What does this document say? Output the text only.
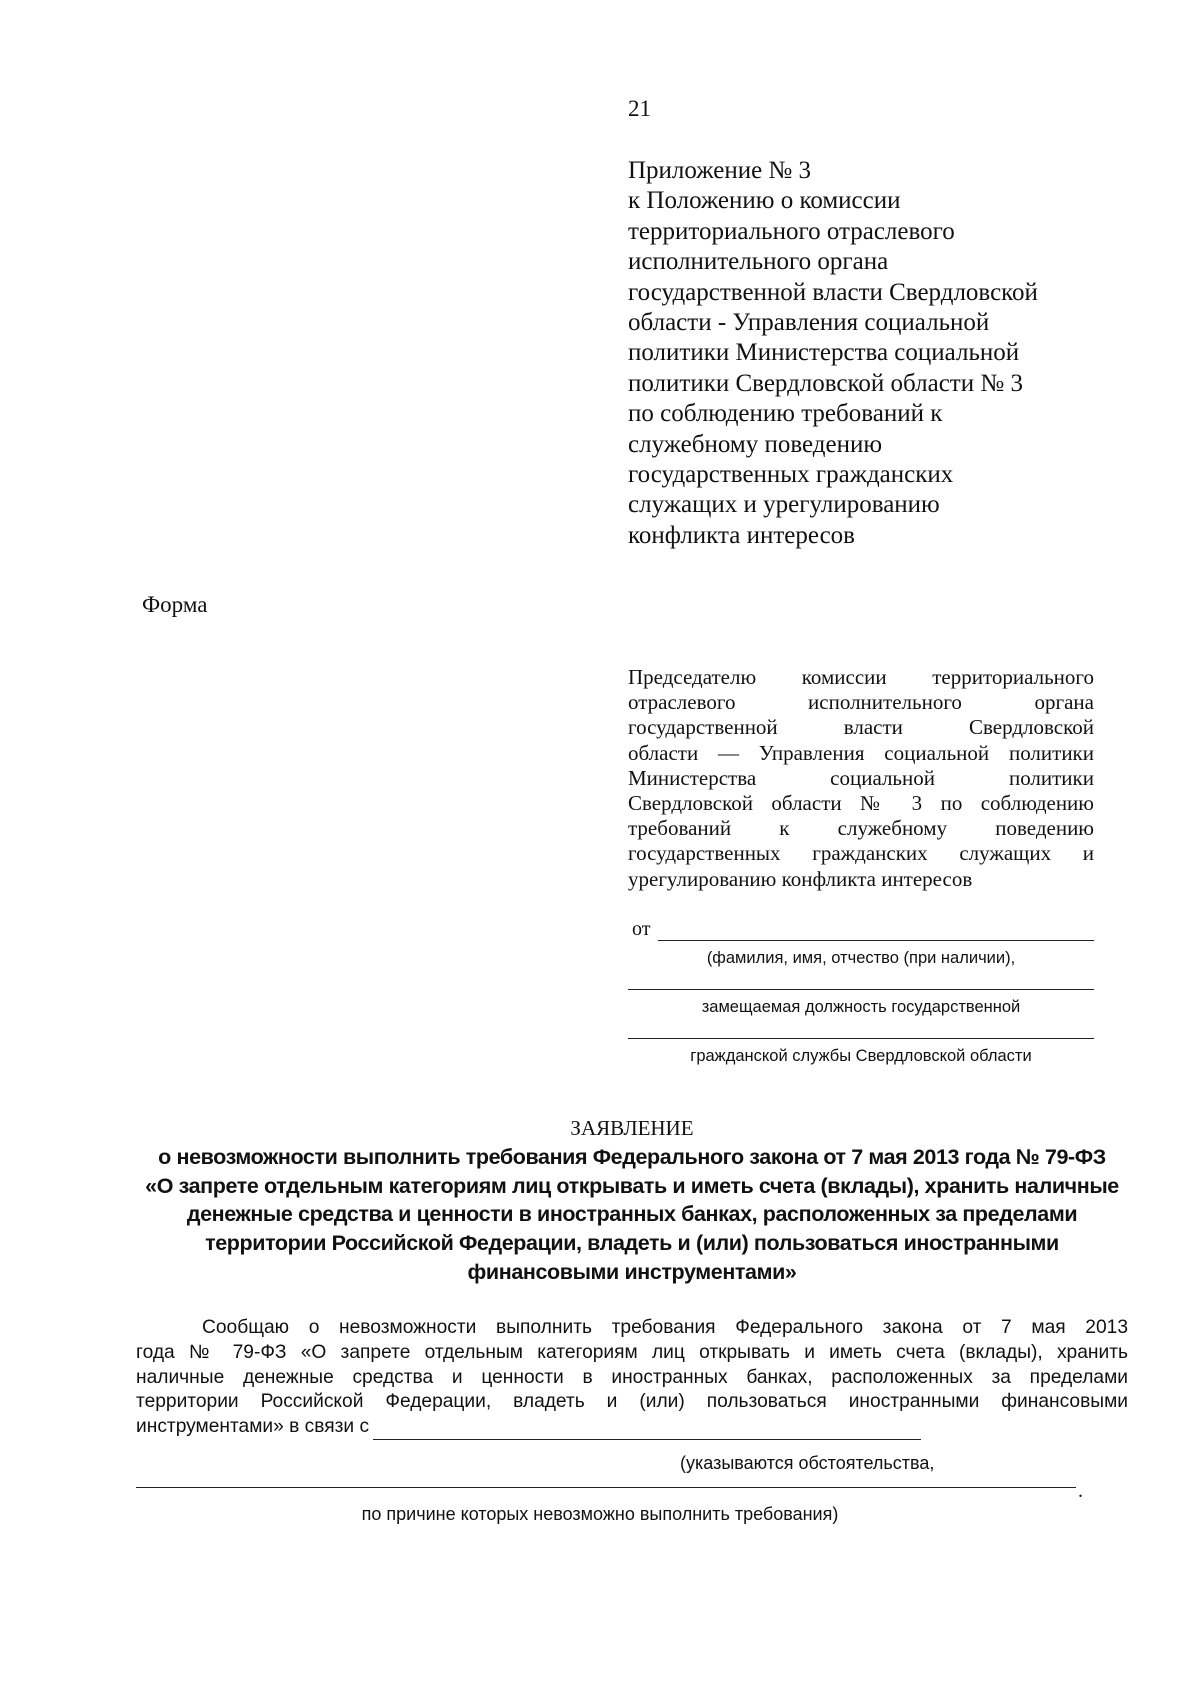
21
Приложение № 3
к Положению о комиссии
территориального отраслевого
исполнительного органа
государственной власти Свердловской
области - Управления социальной
политики Министерства социальной
политики Свердловской области № 3
по соблюдению требований к
служебному поведению
государственных гражданских
служащих и урегулированию
конфликта интересов
Форма
Председателю комиссии территориального
отраслевого исполнительного органа
государственной власти Свердловской
области — Управления социальной политики
Министерства социальной политики
Свердловской области № 3 по соблюдению
требований к служебному поведению
государственных гражданских служащих и
урегулированию конфликта интересов
от
(фамилия, имя, отчество (при наличии),
замещаемая должность государственной
гражданской службы Свердловской области
ЗАЯВЛЕНИЕ
о невозможности выполнить требования Федерального закона от 7 мая 2013 года № 79-ФЗ
«О запрете отдельным категориям лиц открывать и иметь счета (вклады), хранить наличные
денежные средства и ценности в иностранных банках, расположенных за пределами
территории Российской Федерации, владеть и (или) пользоваться иностранными
финансовыми инструментами»
Сообщаю о невозможности выполнить требования Федерального закона от 7 мая 2013
года № 79-ФЗ «О запрете отдельным категориям лиц открывать и иметь счета (вклады), хранить
наличные денежные средства и ценности в иностранных банках, расположенных за пределами
территории Российской Федерации, владеть и (или) пользоваться иностранными финансовыми
инструментами» в связи с
(указываются обстоятельства,
.
по причине которых невозможно выполнить требования)
